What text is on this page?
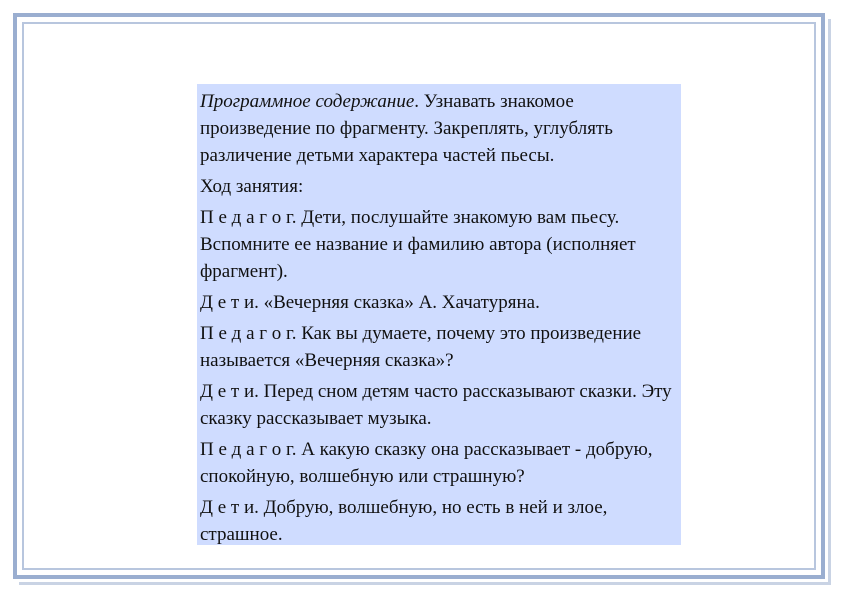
Программное содержание. Узнавать знакомое произведение по фрагменту. Закреплять, углублять различение детьми характера частей пьесы.

Ход занятия:

П е д а г о г. Дети, послушайте знакомую вам пьесу. Вспомните ее название и фамилию автора (исполняет фрагмент).

Д е т и. «Вечерняя сказка» А. Хачатуряна.

П е д а г о г. Как вы думаете, почему это произведение называется «Вечерняя сказка»?

Д е т и. Перед сном детям часто рассказывают сказки. Эту сказку рассказывает музыка.

П е д а г о г. А какую сказку она рассказывает - добрую, спокойную, волшебную или страшную?

Д е т и. Добрую, волшебную, но есть в ней и злое, страшное.
